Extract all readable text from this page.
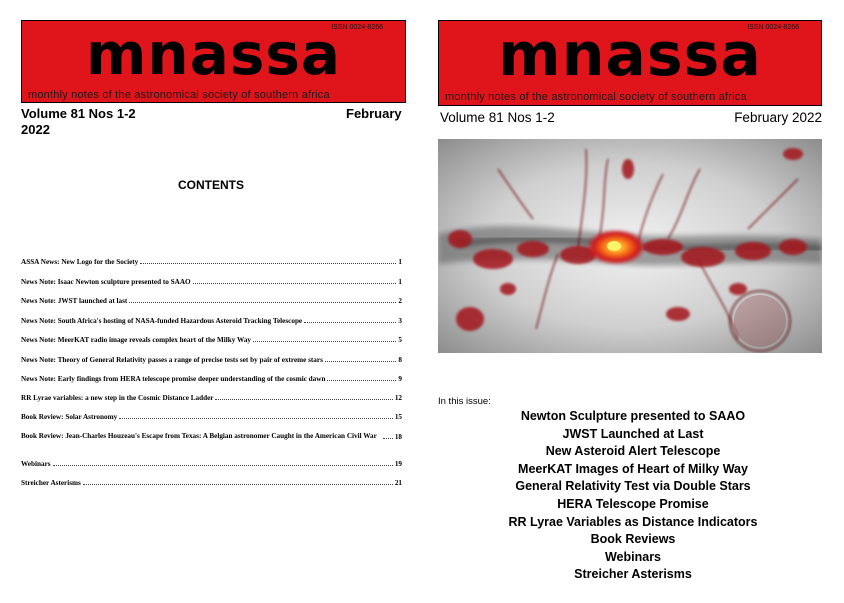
ISSN 0024-8266
mnassa
monthly notes of the astronomical society of southern africa
Volume 81 Nos 1-2	February
2022
CONTENTS
ASSA News: New Logo for the Society	1
News Note: Isaac Newton sculpture presented to SAAO	1
News Note: JWST launched at last	2
News Note: South Africa's hosting of NASA-funded Hazardous Asteroid Tracking Telescope	3
News Note: MeerKAT radio image reveals complex heart of the Milky Way	5
News Note: Theory of General Relativity passes a range of precise tests set by pair of extreme stars	8
News Note: Early findings from HERA telescope promise deeper understanding of the cosmic dawn	9
RR Lyrae variables: a new step in the Cosmic Distance Ladder	12
Book Review: Solar Astronomy	15
Book Review: Jean-Charles Houzeau's Escape from Texas: A Belgian astronomer Caught in the American Civil War	18
Webinars	19
Streicher Asterisms	21
ISSN 0024-8266
mnassa
monthly notes of the astronomical society of southern africa
Volume 81 Nos 1-2	February 2022
In this issue:
Newton Sculpture presented to SAAO
JWST Launched at Last
New Asteroid Alert Telescope
MeerKAT Images of Heart of Milky Way
General Relativity Test via Double Stars
HERA Telescope Promise
RR Lyrae Variables as Distance Indicators
Book Reviews
Webinars
Streicher Asterisms
